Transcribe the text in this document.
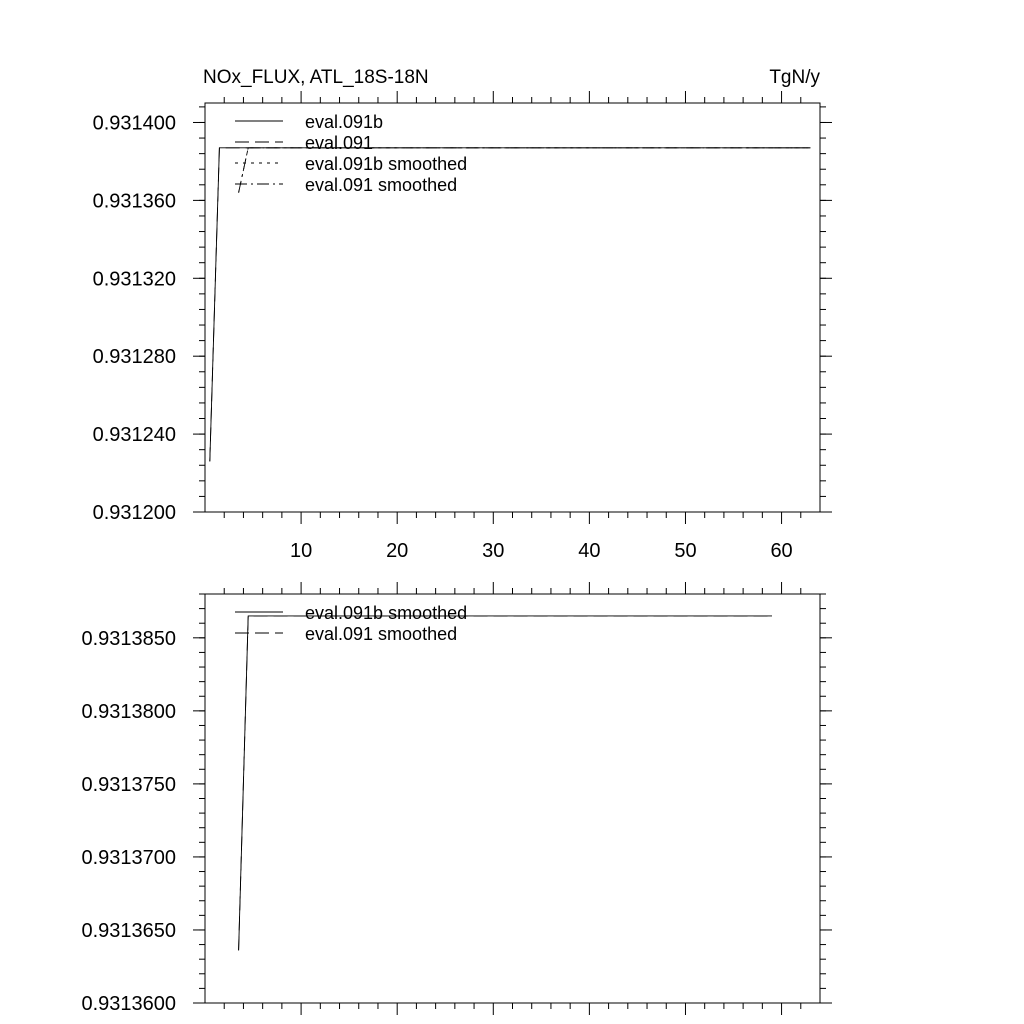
NOx_FLUX, ATL_18S-18N	TgN/y
10	20	30	40	50	60
0.931200
0.931240
0.931280
0.931320
0.931360
0.931400	eval.091b
eval.091
eval.091b smoothed
eval.091 smoothed
0.9313600
0.9313650
0.9313700
0.9313750
0.9313800
0.9313850
eval.091b smoothed
eval.091 smoothed
